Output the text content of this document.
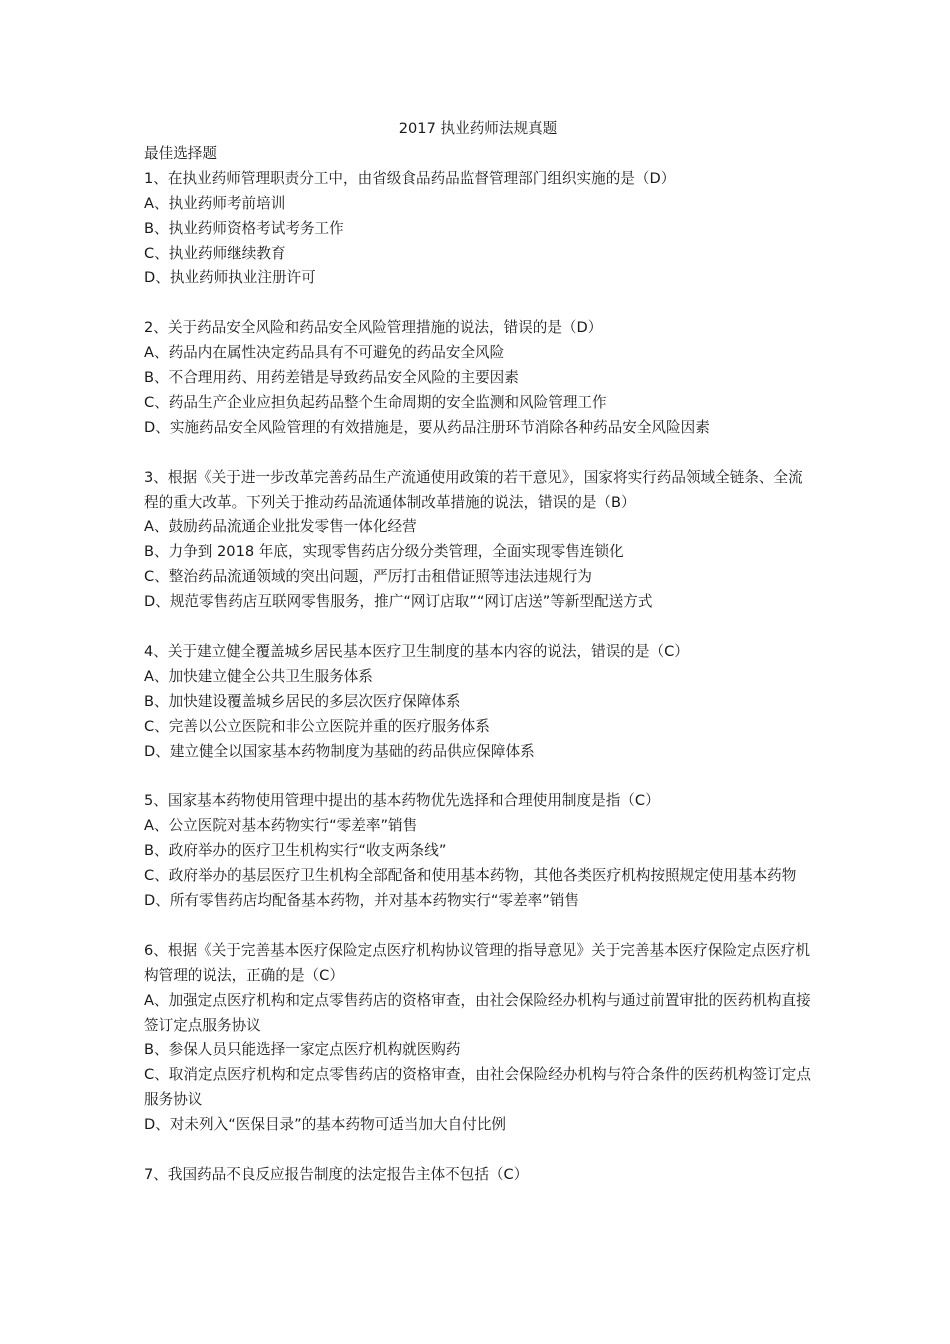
2017 执业药师法规真题

最佳选择题

1、在执业药师管理职责分工中，由省级食品药品监督管理部门组织实施的是（D）

A、执业药师考前培训

B、执业药师资格考试考务工作

C、执业药师继续教育

D、执业药师执业注册许可

2、关于药品安全风险和药品安全风险管理措施的说法，错误的是（D）

A、药品内在属性决定药品具有不可避免的药品安全风险

B、不合理用药、用药差错是导致药品安全风险的主要因素

C、药品生产企业应担负起药品整个生命周期的安全监测和风险管理工作

D、实施药品安全风险管理的有效措施是，要从药品注册环节消除各种药品安全风险因素

3、根据《关于进一步改革完善药品生产流通使用政策的若干意见》，国家将实行药品领域全链条、全流程的重大改革。下列关于推动药品流通体制改革措施的说法，错误的是（B）

A、鼓励药品流通企业批发零售一体化经营

B、力争到 2018 年底，实现零售药店分级分类管理，全面实现零售连锁化

C、整治药品流通领域的突出问题，严厉打击租借证照等违法违规行为

D、规范零售药店互联网零售服务，推广“网订店取”“网订店送”等新型配送方式

4、关于建立健全覆盖城乡居民基本医疗卫生制度的基本内容的说法，错误的是（C）

A、加快建立健全公共卫生服务体系

B、加快建设覆盖城乡居民的多层次医疗保障体系

C、完善以公立医院和非公立医院并重的医疗服务体系

D、建立健全以国家基本药物制度为基础的药品供应保障体系

5、国家基本药物使用管理中提出的基本药物优先选择和合理使用制度是指（C）

A、公立医院对基本药物实行“零差率”销售

B、政府举办的医疗卫生机构实行“收支两条线”

C、政府举办的基层医疗卫生机构全部配备和使用基本药物，其他各类医疗机构按照规定使用基本药物

D、所有零售药店均配备基本药物，并对基本药物实行“零差率”销售

6、根据《关于完善基本医疗保险定点医疗机构协议管理的指导意见》关于完善基本医疗保险定点医疗机构管理的说法，正确的是（C）

A、加强定点医疗机构和定点零售药店的资格审查，由社会保险经办机构与通过前置审批的医药机构直接签订定点服务协议

B、参保人员只能选择一家定点医疗机构就医购药

C、取消定点医疗机构和定点零售药店的资格审查，由社会保险经办机构与符合条件的医药机构签订定点服务协议

D、对未列入“医保目录”的基本药物可适当加大自付比例

7、我国药品不良反应报告制度的法定报告主体不包括（C）
